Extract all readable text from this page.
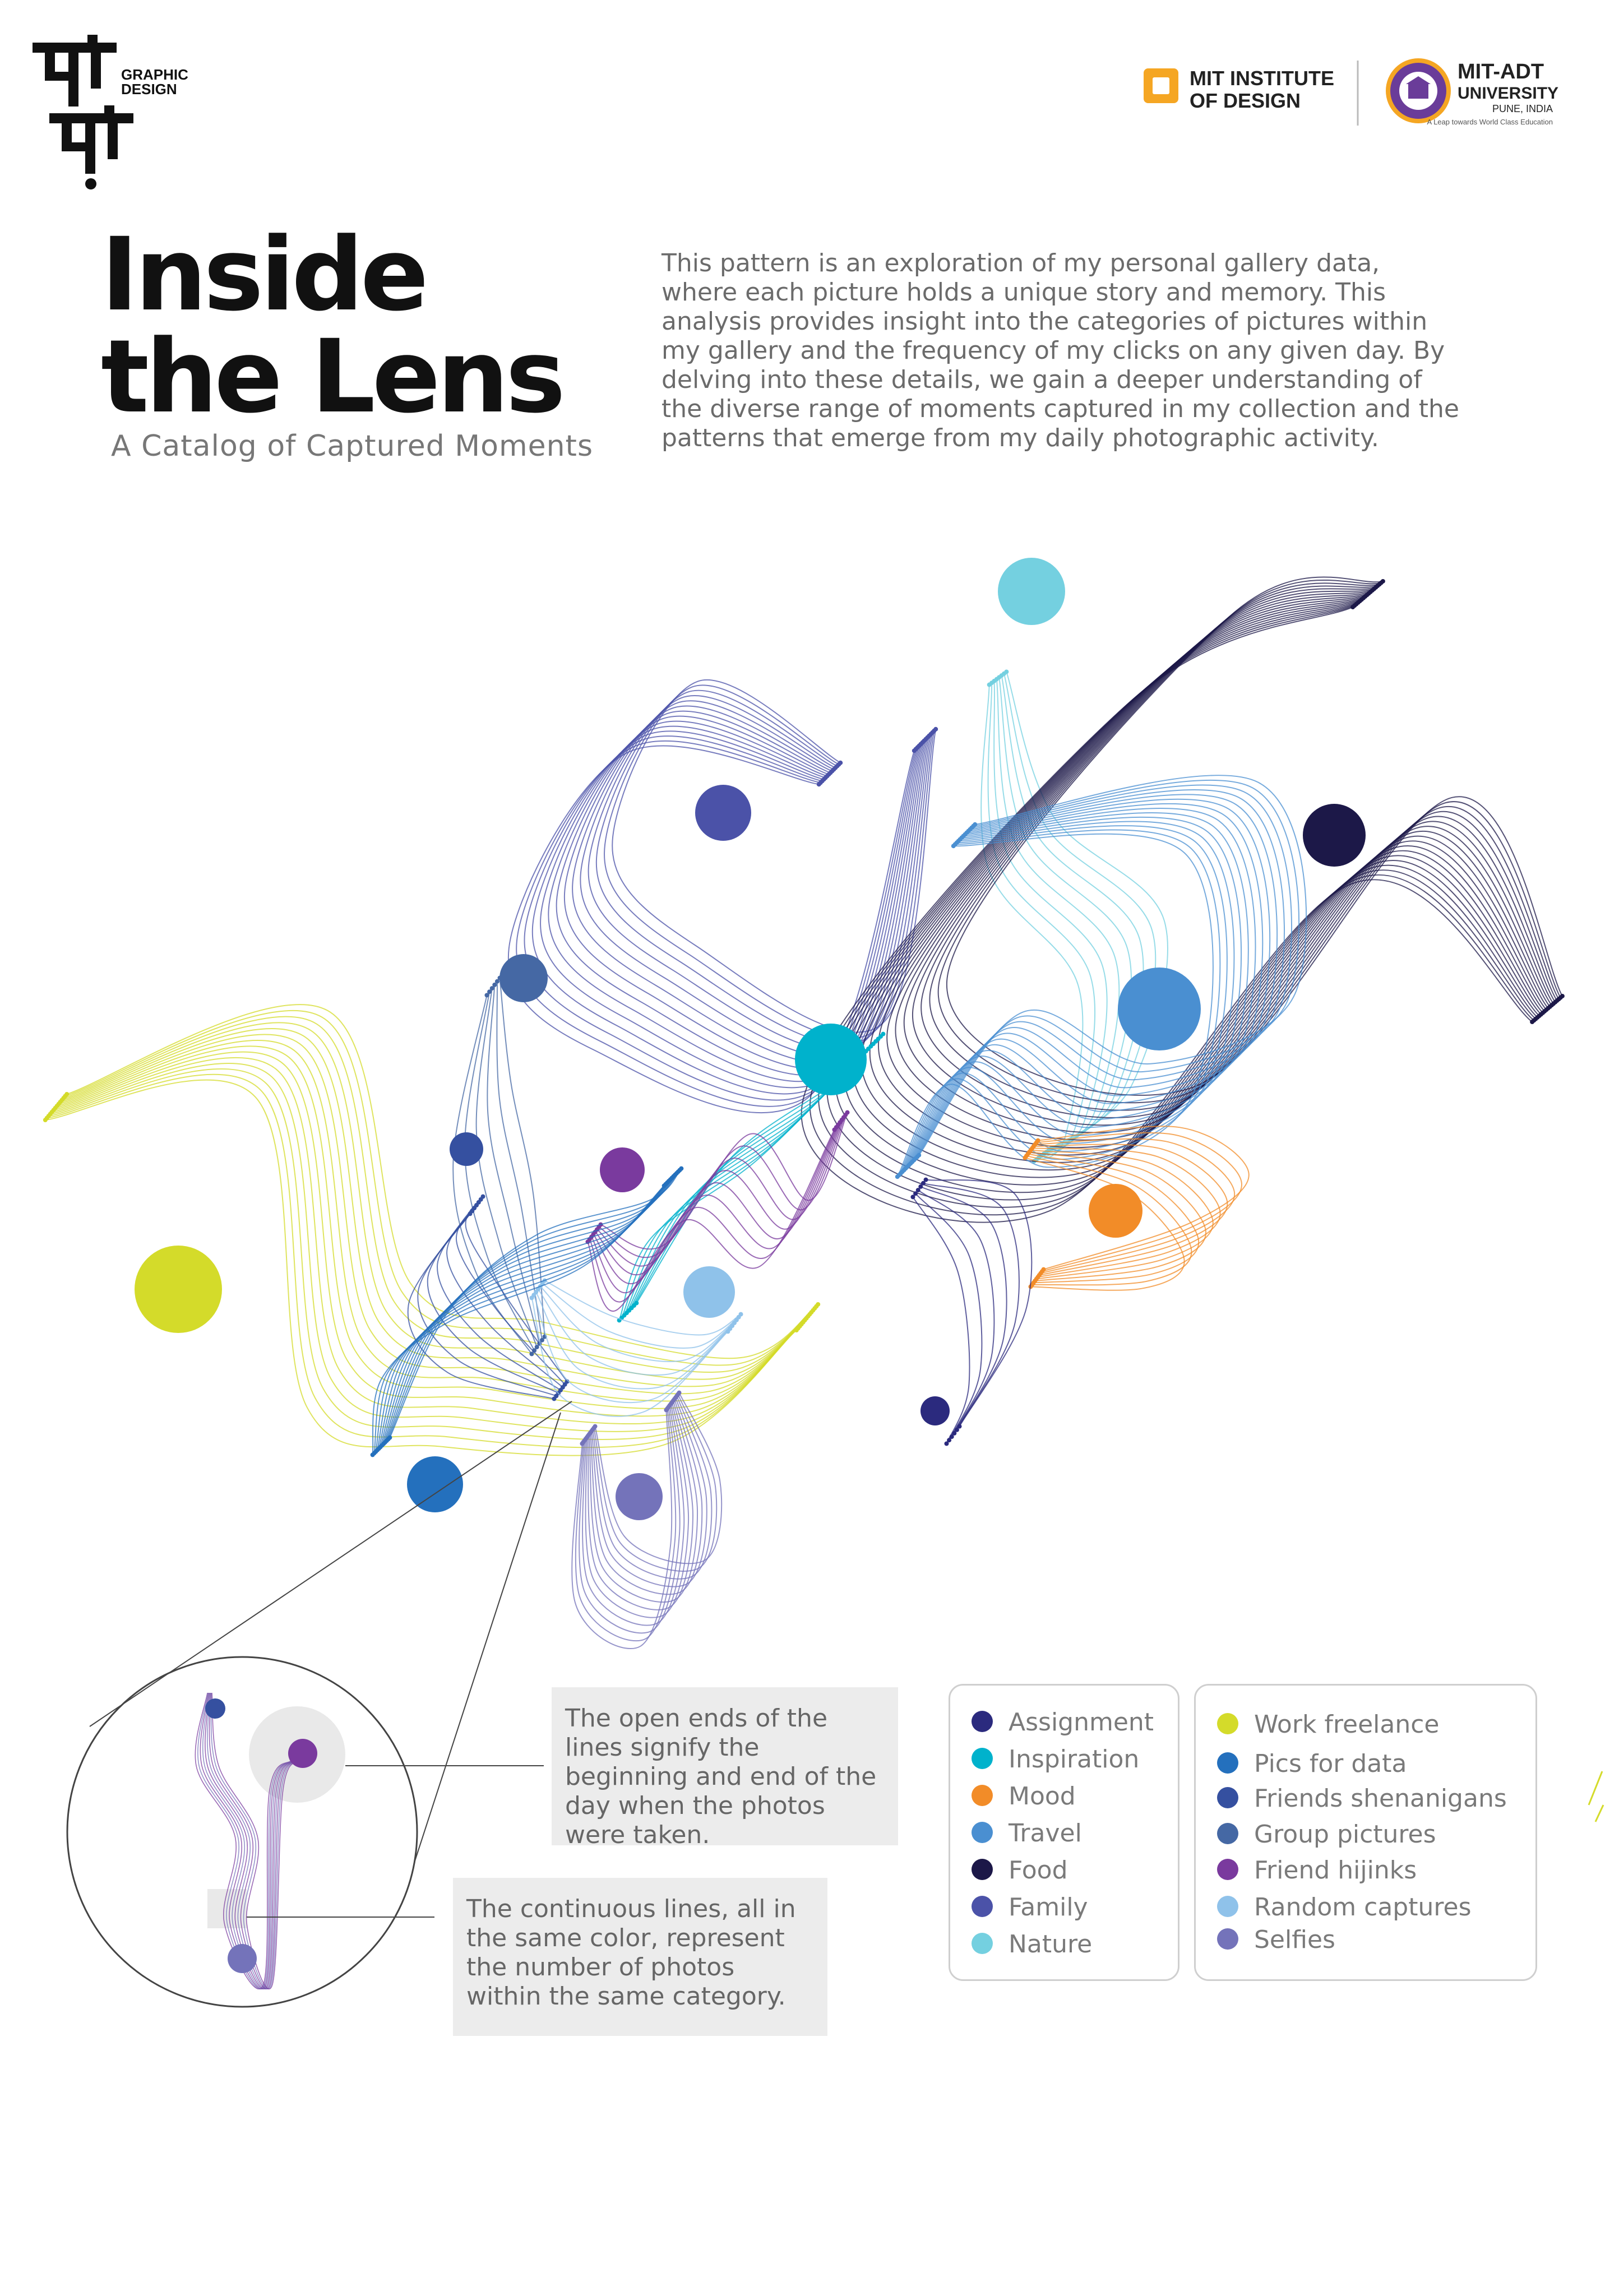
GRAPHIC
DESIGN	MIT INSTITUTE
OF DESIGN
MIT-ADT
UNIVERSITY
PUNE, INDIA
A Leap towards World Class Education
Inside
the Lens
A Catalog of Captured Moments
This pattern is an exploration of my personal gallery data, where each picture holds a unique story and memory. This analysis provides insight into the categories of pictures within my gallery and the frequency of my clicks on any given day. By delving into these details, we gain a deeper understanding of the diverse range of moments captured in my collection and the patterns that emerge from my daily photographic activity.
The open ends of the lines signify the beginning and end of the day when the photos were taken.
The continuous lines, all in the same color, represent the number of photos within the same category.
Assignment
Inspiration
Mood
Travel
Food
Family
Nature
Work freelance
Pics for data
Friends shenanigans
Group pictures
Friend hijinks
Random captures
Selfies
